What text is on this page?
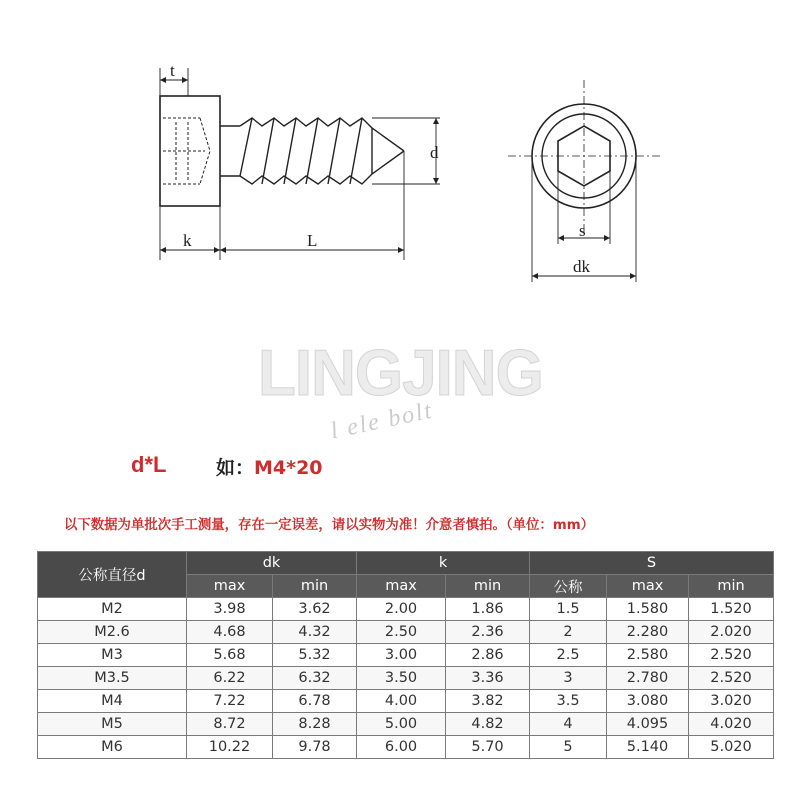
t
d
k	L
s
dk
LINGJING
l ele bolt
d*L	如：M4*20
以下数据为单批次手工测量，存在一定误差，请以实物为准！介意者慎拍。（单位：mm）
公称直径d	dk		k		S		
	max	min	max	min	公称	max	min
M2	3.98	3.62	2.00	1.86	1.5	1.580	1.520
M2.6	4.68	4.32	2.50	2.36	2	2.280	2.020
M3	5.68	5.32	3.00	2.86	2.5	2.580	2.520
M3.5	6.22	6.32	3.50	3.36	3	2.780	2.520
M4	7.22	6.78	4.00	3.82	3.5	3.080	3.020
M5	8.72	8.28	5.00	4.82	4	4.095	4.020
M6	10.22	9.78	6.00	5.70	5	5.140	5.020
